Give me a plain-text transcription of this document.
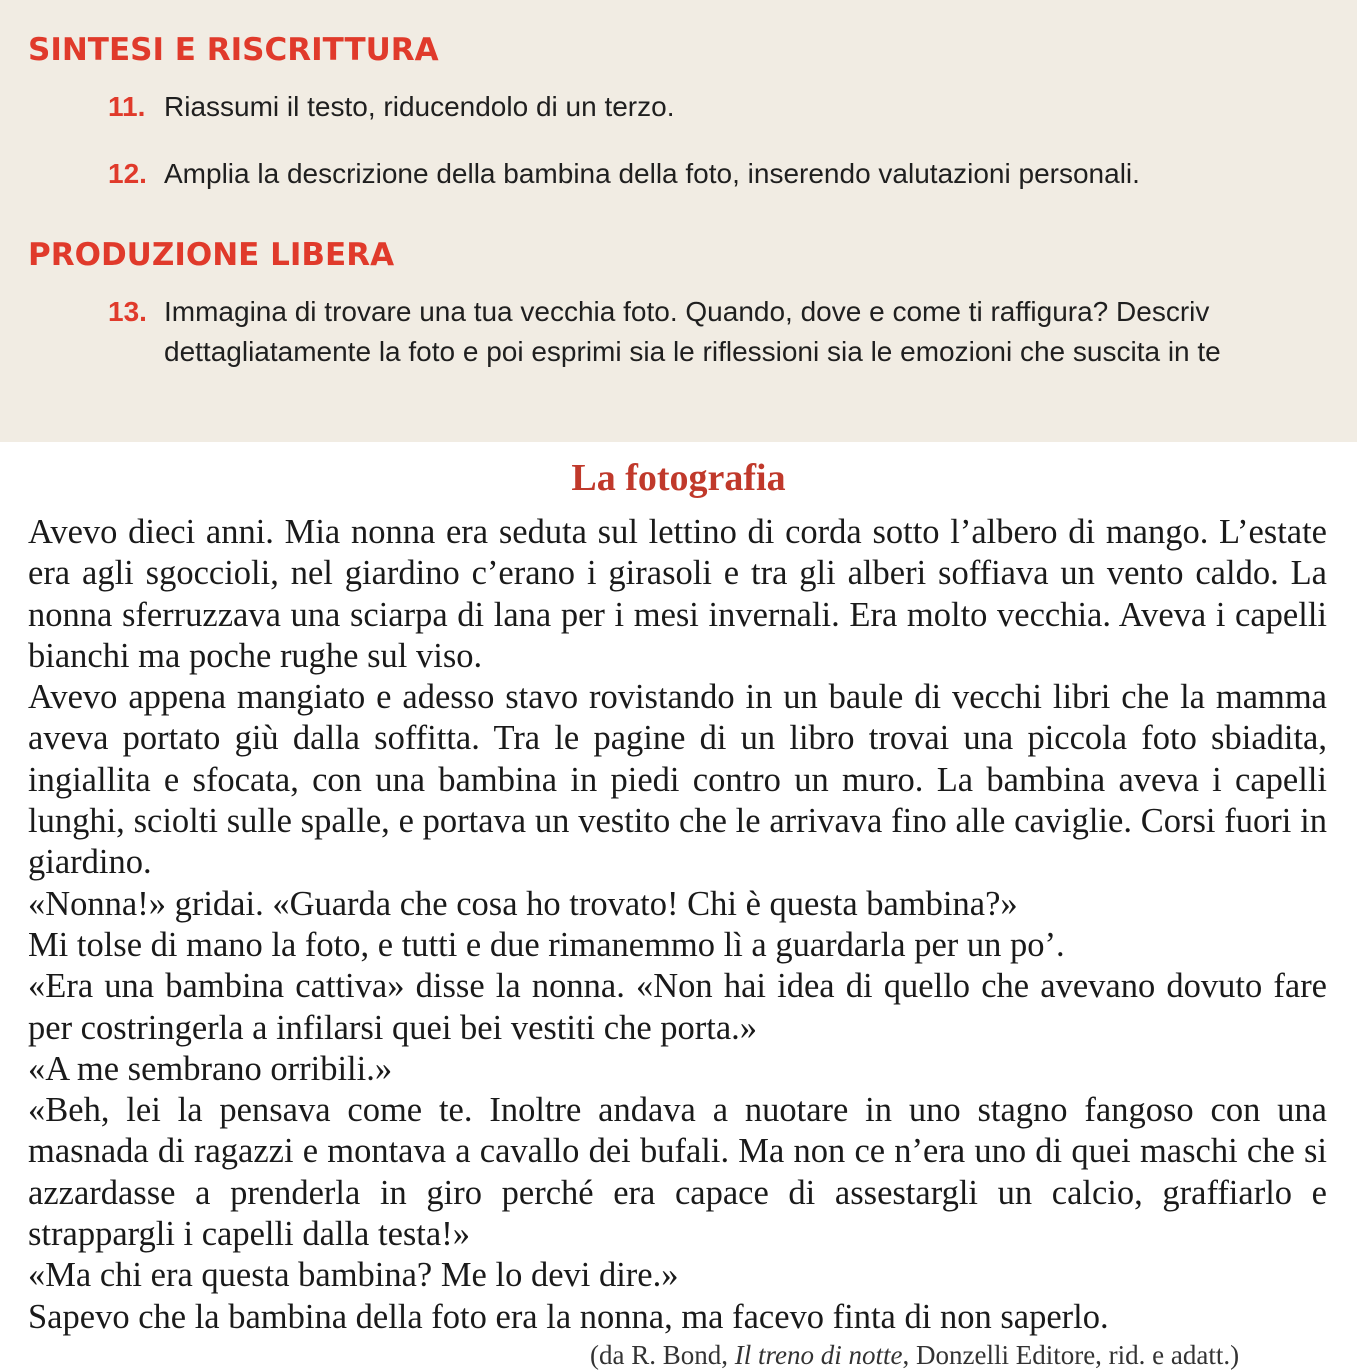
SINTESI E RISCRITTURA
11. Riassumi il testo, riducendolo di un terzo.
12. Amplia la descrizione della bambina della foto, inserendo valutazioni personali.
PRODUZIONE LIBERA
13. Immagina di trovare una tua vecchia foto. Quando, dove e come ti raffigura? Descriv
dettagliatamente la foto e poi esprimi sia le riflessioni sia le emozioni che suscita in te
La fotografia

Avevo dieci anni. Mia nonna era seduta sul lettino di corda sotto l’albero di mango. L’estate era agli sgoccioli, nel giardino c’erano i girasoli e tra gli alberi soffiava un vento caldo. La nonna sferruzzava una sciarpa di lana per i mesi invernali. Era molto vecchia. Aveva i capelli bianchi ma poche rughe sul viso.

Avevo appena mangiato e adesso stavo rovistando in un baule di vecchi libri che la mamma aveva portato giù dalla soffitta. Tra le pagine di un libro trovai una piccola foto sbiadita, ingiallita e sfocata, con una bambina in piedi contro un muro. La bambina aveva i capelli lunghi, sciolti sulle spalle, e portava un vestito che le arrivava fino alle caviglie. Corsi fuori in giardino.

«Nonna!» gridai. «Guarda che cosa ho trovato! Chi è questa bambina?»

Mi tolse di mano la foto, e tutti e due rimanemmo lì a guardarla per un po’.

«Era una bambina cattiva» disse la nonna. «Non hai idea di quello che avevano dovuto fare per costringerla a infilarsi quei bei vestiti che porta.»

«A me sembrano orribili.»

«Beh, lei la pensava come te. Inoltre andava a nuotare in uno stagno fangoso con una masnada di ragazzi e montava a cavallo dei bufali. Ma non ce n’era uno di quei maschi che si azzardasse a prenderla in giro perché era capace di assestargli un calcio, graffiarlo e strappargli i capelli dalla testa!»

«Ma chi era questa bambina? Me lo devi dire.»

Sapevo che la bambina della foto era la nonna, ma facevo finta di non saperlo.

(da R. Bond, Il treno di notte, Donzelli Editore, rid. e adatt.)
